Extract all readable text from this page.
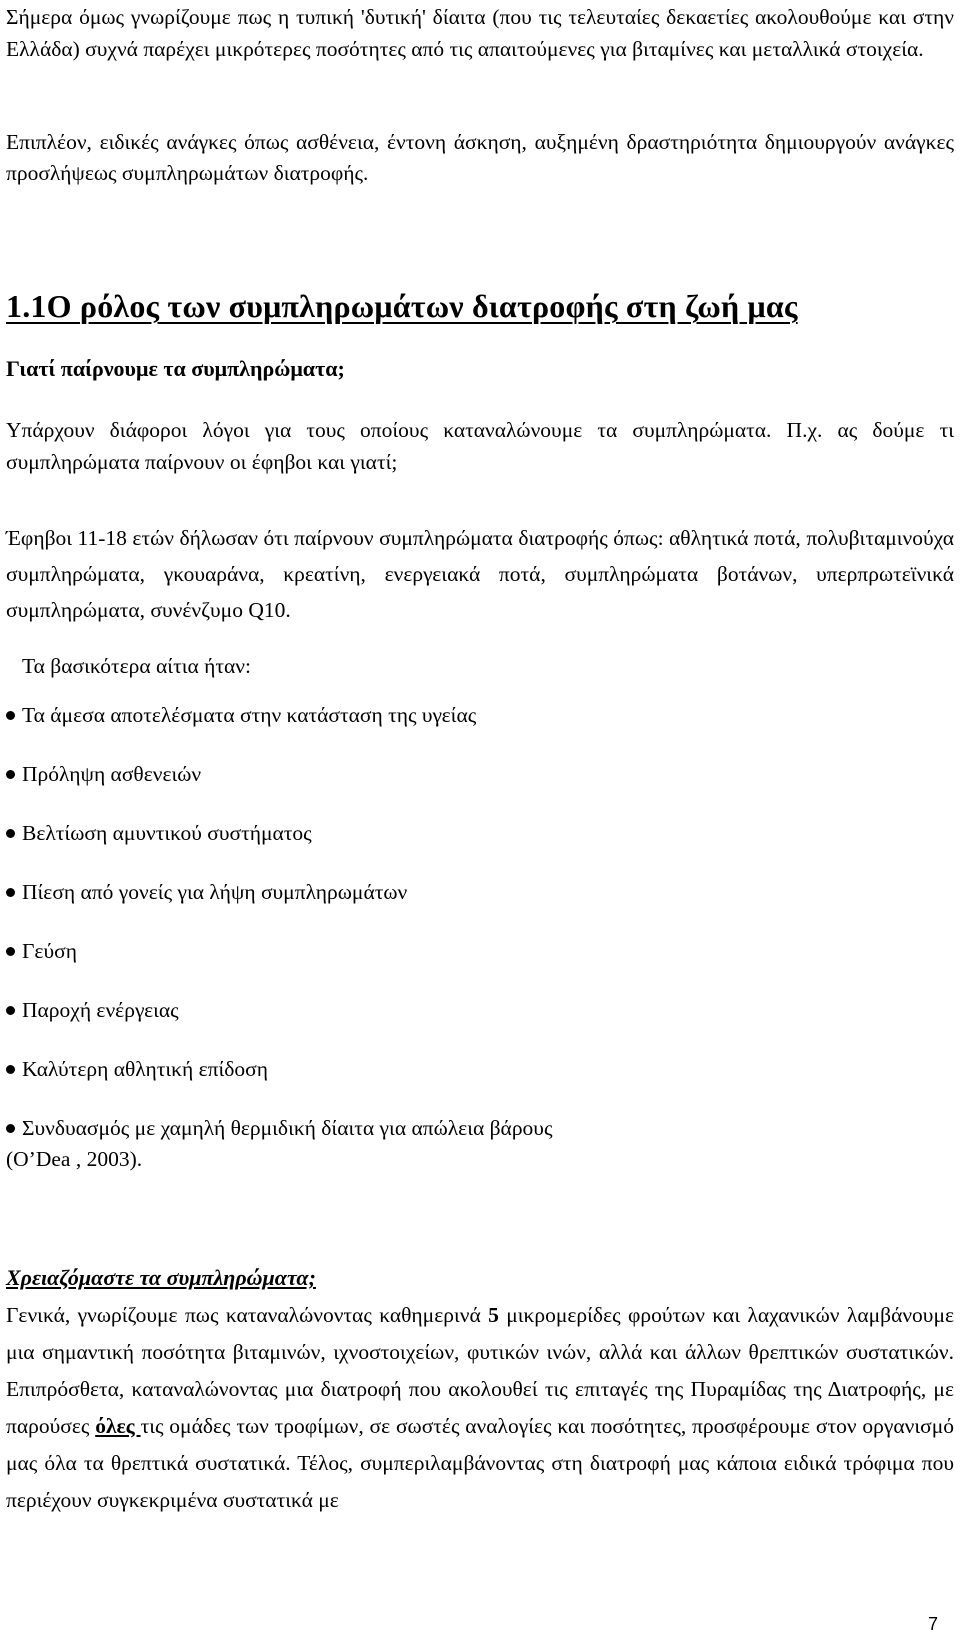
Σήμερα όμως γνωρίζουμε πως η τυπική 'δυτική' δίαιτα (που τις τελευταίες δεκαετίες ακολουθούμε και στην Ελλάδα) συχνά παρέχει μικρότερες ποσότητες από τις απαιτούμενες για βιταμίνες και μεταλλικά στοιχεία.

Επιπλέον, ειδικές ανάγκες όπως ασθένεια, έντονη άσκηση, αυξημένη δραστηριότητα δημιουργούν ανάγκες προσλήψεως συμπληρωμάτων διατροφής.

1.1Ο ρόλος των συμπληρωμάτων διατροφής στη ζωή μας
Γιατί παίρνουμε τα συμπληρώματα;

Υπάρχουν διάφοροι λόγοι για τους οποίους καταναλώνουμε τα συμπληρώματα. Π.χ. ας δούμε τι συμπληρώματα παίρνουν οι έφηβοι και γιατί;

Έφηβοι 11-18 ετών δήλωσαν ότι παίρνουν συμπληρώματα διατροφής όπως: αθλητικά ποτά, πολυβιταμινούχα συμπληρώματα, γκουαράνα, κρεατίνη, ενεργειακά ποτά, συμπληρώματα βοτάνων, υπερπρωτεϊνικά συμπληρώματα, συνένζυμο Q10.

Τα βασικότερα αίτια ήταν:

Τα άμεσα αποτελέσματα στην κατάσταση της υγείας
Πρόληψη ασθενειών
Βελτίωση αμυντικού συστήματος
Πίεση από γονείς για λήψη συμπληρωμάτων
Γεύση
Παροχή ενέργειας
Καλύτερη αθλητική επίδοση
Συνδυασμός με χαμηλή θερμιδική δίαιτα για απώλεια βάρους
(O’Dea , 2003).
Χρειαζόμαστε τα συμπληρώματα;

Γενικά, γνωρίζουμε πως καταναλώνοντας καθημερινά 5 μικρομερίδες φρούτων και λαχανικών λαμβάνουμε μια σημαντική ποσότητα βιταμινών, ιχνοστοιχείων, φυτικών ινών, αλλά και άλλων θρεπτικών συστατικών. Επιπρόσθετα, καταναλώνοντας μια διατροφή που ακολουθεί τις επιταγές της Πυραμίδας της Διατροφής, με παρούσες όλες τις ομάδες των τροφίμων, σε σωστές αναλογίες και ποσότητες, προσφέρουμε στον οργανισμό μας όλα τα θρεπτικά συστατικά. Τέλος, συμπεριλαμβάνοντας στη διατροφή μας κάποια ειδικά τρόφιμα που περιέχουν συγκεκριμένα συστατικά με

7
